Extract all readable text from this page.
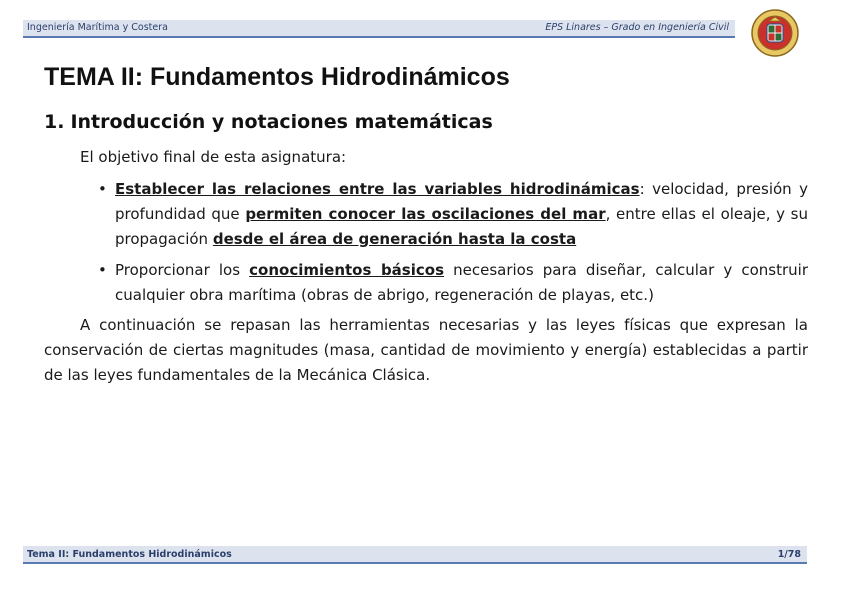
Ingeniería Marítima y Costera	EPS Linares – Grado en Ingeniería Civil
TEMA II: Fundamentos Hidrodinámicos
1. Introducción y notaciones matemáticas
El objetivo final de esta asignatura:
• Establecer las relaciones entre las variables hidrodinámicas: velocidad, presión y profundidad que permiten conocer las oscilaciones del mar, entre ellas el oleaje, y su propagación desde el área de generación hasta la costa
• Proporcionar los conocimientos básicos necesarios para diseñar, calcular y construir cualquier obra marítima (obras de abrigo, regeneración de playas, etc.)

A continuación se repasan las herramientas necesarias y las leyes físicas que expresan la conservación de ciertas magnitudes (masa, cantidad de movimiento y energía) establecidas a partir de las leyes fundamentales de la Mecánica Clásica.

Tema II: Fundamentos Hidrodinámicos	1/78
